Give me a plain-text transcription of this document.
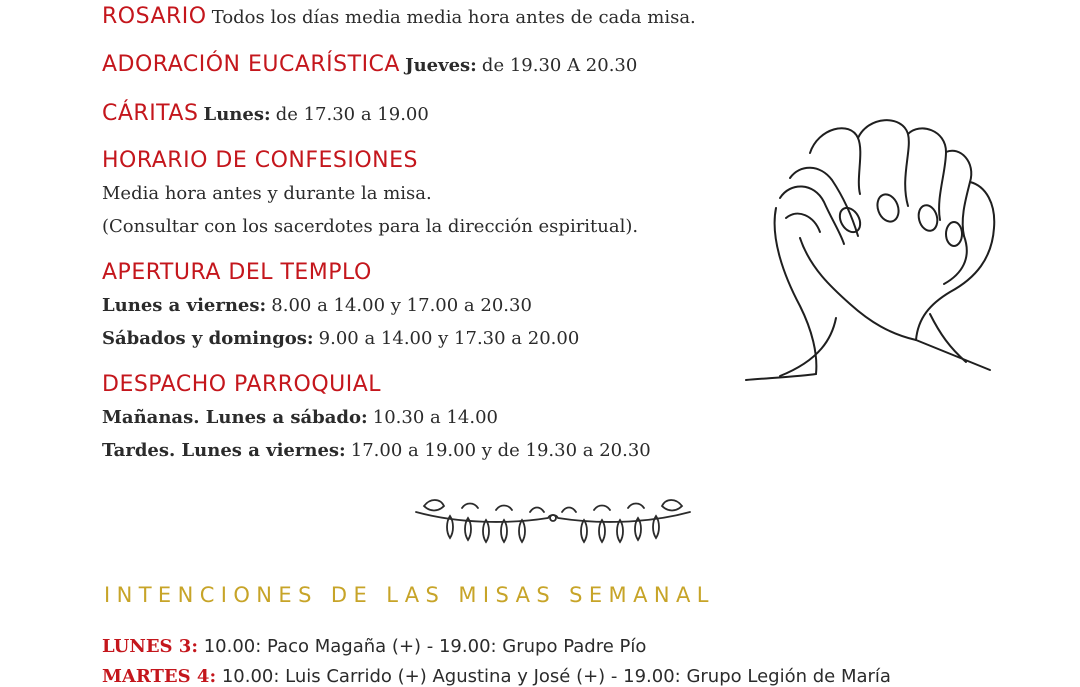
ROSARIO Todos los días media media hora antes de cada misa.
ADORACIÓN EUCARÍSTICA Jueves: de 19.30 A 20.30
CÁRITAS Lunes: de 17.30 a 19.00
HORARIO DE CONFESIONES
Media hora antes y durante la misa.
(Consultar con los sacerdotes para la dirección espiritual).
APERTURA DEL TEMPLO
Lunes a viernes: 8.00 a 14.00 y 17.00 a 20.30
Sábados y domingos: 9.00 a 14.00 y 17.30 a 20.00
DESPACHO PARROQUIAL
Mañanas. Lunes a sábado: 10.30 a 14.00
Tardes. Lunes a viernes: 17.00 a 19.00 y de 19.30 a 20.30
INTENCIONES DE LAS MISAS SEMANAL
LUNES 3: 10.00: Paco Magaña (+) - 19.00: Grupo Padre Pío
MARTES 4: 10.00: Luis Carrido (+) Agustina y José (+) - 19.00: Grupo Legión de María
